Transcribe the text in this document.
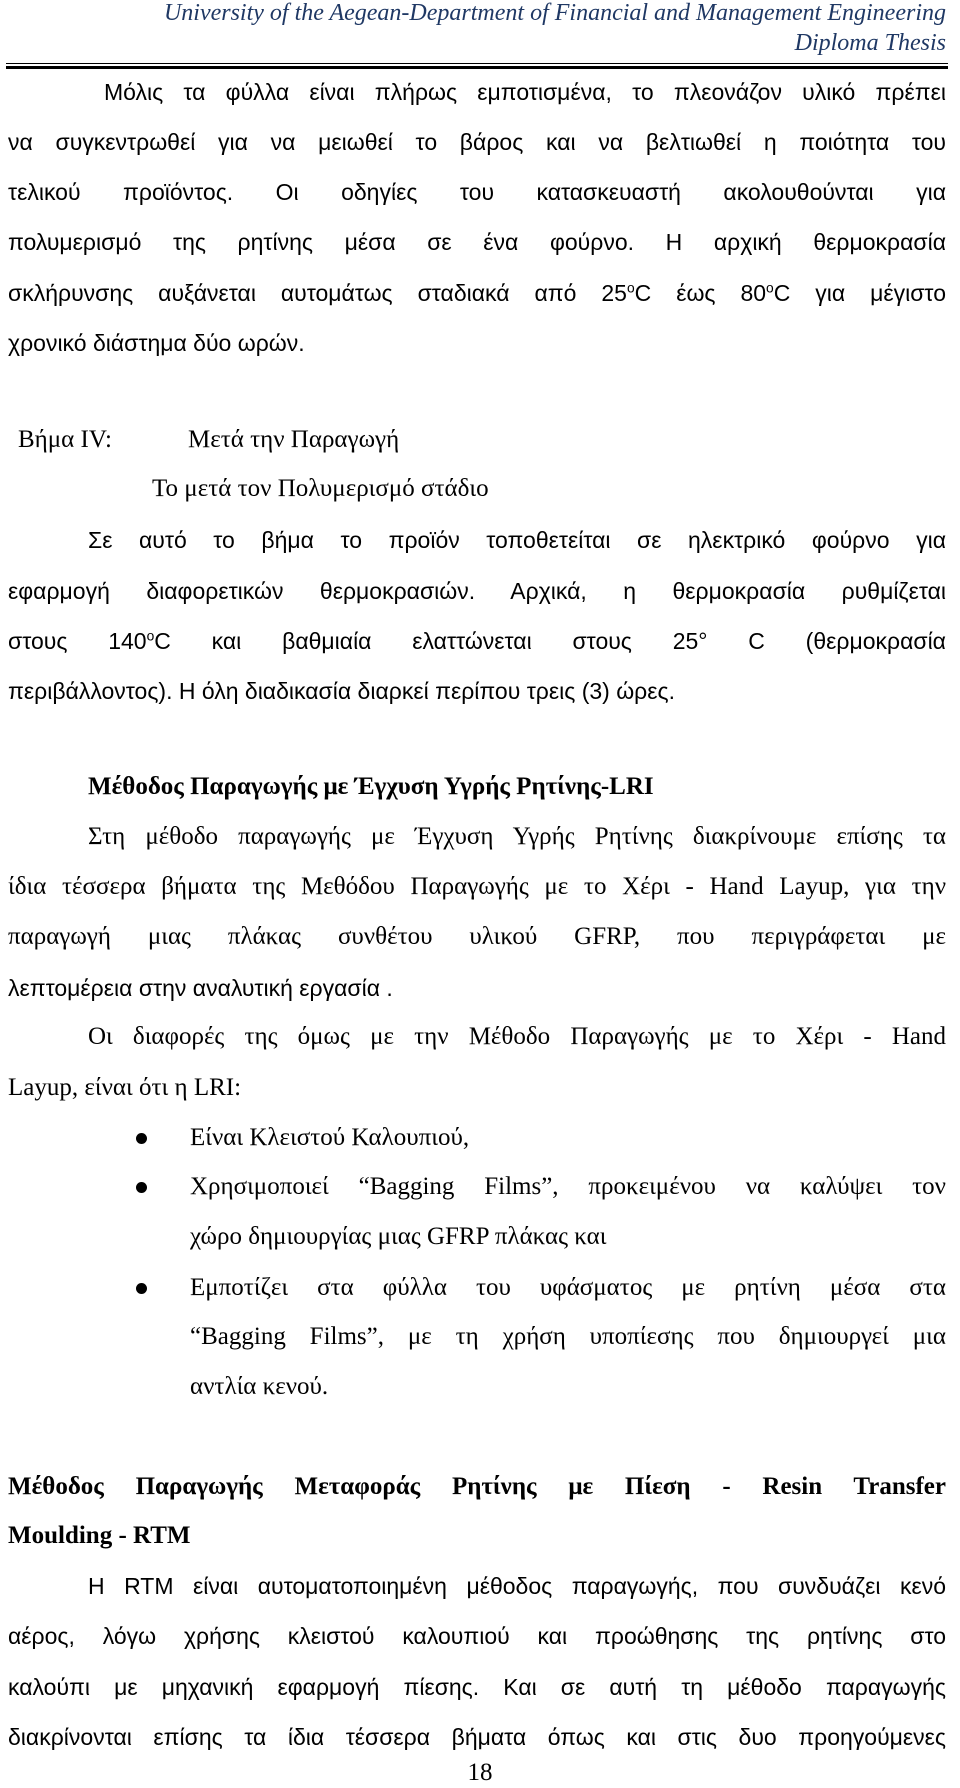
University of the Aegean-Department of Financial and Management Engineering
Diploma Thesis
Μόλις τα φύλλα είναι πλήρως εμποτισμένα, το πλεονάζον υλικό πρέπει
να συγκεντρωθεί για να μειωθεί το βάρος και να βελτιωθεί η ποιότητα του
τελικού προϊόντος. Οι οδηγίες του κατασκευαστή ακολουθούνται για
πολυμερισμό της ρητίνης μέσα σε ένα φούρνο. Η αρχική θερμοκρασία
σκλήρυνσης αυξάνεται αυτομάτως σταδιακά από 25$^o$C έως 80$^o$C για μέγιστο
χρονικό διάστημα δύο ωρών.
Βήμα IV:	Μετά την Παραγωγή
Το μετά τον Πολυμερισμό στάδιο
Σε αυτό το βήμα το προϊόν τοποθετείται σε ηλεκτρικό φούρνο για
εφαρμογή διαφορετικών θερμοκρασιών. Αρχικά, η θερμοκρασία ρυθμίζεται
στους 140$^o$C και βαθμιαία ελαττώνεται στους 25° C (θερμοκρασία
περιβάλλοντος). Η όλη διαδικασία διαρκεί περίπου τρεις (3) ώρες.
Μέθοδος Παραγωγής με Έγχυση Υγρής Ρητίνης-LRI
Στη μέθοδο παραγωγής με Έγχυση Υγρής Ρητίνης διακρίνουμε επίσης τα
ίδια τέσσερα βήματα της Μεθόδου Παραγωγής με το Χέρι - Hand Layup, για την
παραγωγή μιας πλάκας συνθέτου υλικού GFRP, που περιγράφεται με
λεπτομέρεια στην αναλυτική εργασία .
Οι διαφορές της όμως με την Μέθοδο Παραγωγής με το Χέρι - Hand
Layup, είναι ότι η LRI:
Είναι Κλειστού Καλουπιού,
Χρησιμοποιεί “Bagging Films”, προκειμένου να καλύψει τον
χώρο δημιουργίας μιας GFRP πλάκας και
Εμποτίζει στα φύλλα του υφάσματος με ρητίνη μέσα στα
“Bagging Films”, με τη χρήση υποπίεσης που δημιουργεί μια
αντλία κενού.
Μέθοδος Παραγωγής Μεταφοράς Ρητίνης με Πίεση - Resin Transfer
Moulding - RTM
Η RTM είναι αυτοματοποιημένη μέθοδος παραγωγής, που συνδυάζει κενό
αέρος, λόγω χρήσης κλειστού καλουπιού και προώθησης της ρητίνης στο
καλούπι με μηχανική εφαρμογή πίεσης. Και σε αυτή τη μέθοδο παραγωγής
διακρίνονται επίσης τα ίδια τέσσερα βήματα όπως και στις δυο προηγούμενες
18
